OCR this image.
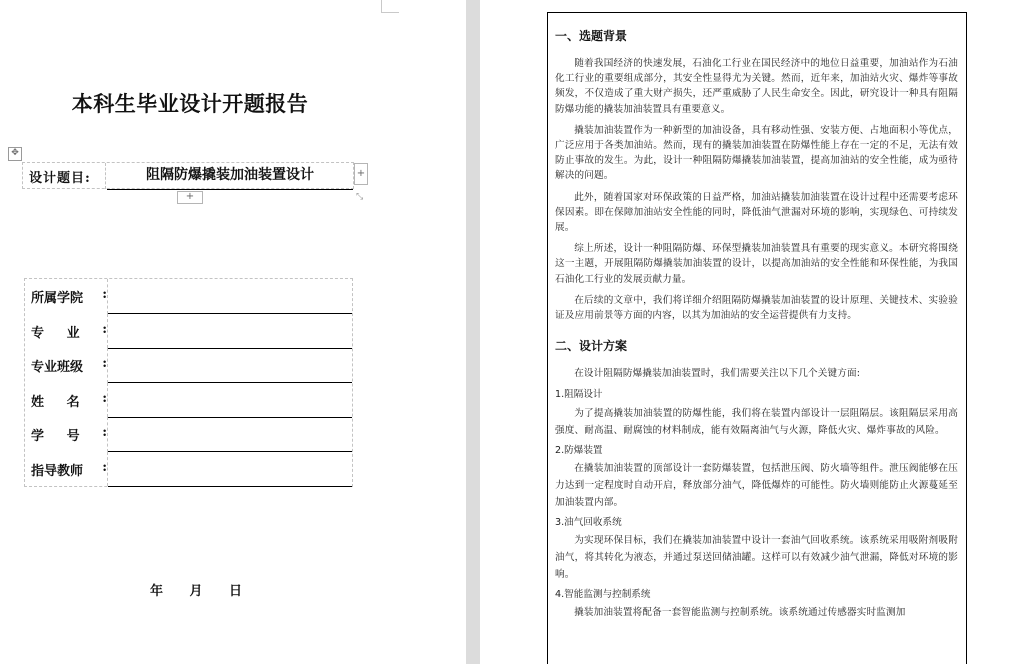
本科生毕业设计开题报告
✥
设计题目:	阻隔防爆撬装加油装置设计	+
+	⤡
所属学院 :
专 业 :
专业班级 :
姓 名 :
学 号 :
指导教师 :
年 月 日
一、选题背景

随着我国经济的快速发展，石油化工行业在国民经济中的地位日益重要，加油站作为石油化工行业的重要组成部分，其安全性显得尤为关键。然而，近年来，加油站火灾、爆炸等事故频发，不仅造成了重大财产损失，还严重威胁了人民生命安全。因此，研究设计一种具有阻隔防爆功能的撬装加油装置具有重要意义。

撬装加油装置作为一种新型的加油设备，具有移动性强、安装方便、占地面积小等优点，广泛应用于各类加油站。然而，现有的撬装加油装置在防爆性能上存在一定的不足，无法有效防止事故的发生。为此，设计一种阻隔防爆撬装加油装置，提高加油站的安全性能，成为亟待解决的问题。

此外，随着国家对环保政策的日益严格，加油站撬装加油装置在设计过程中还需要考虑环保因素。即在保障加油站安全性能的同时，降低油气泄漏对环境的影响，实现绿色、可持续发展。

综上所述，设计一种阻隔防爆、环保型撬装加油装置具有重要的现实意义。本研究将围绕这一主题，开展阻隔防爆撬装加油装置的设计，以提高加油站的安全性能和环保性能，为我国石油化工行业的发展贡献力量。

在后续的文章中，我们将详细介绍阻隔防爆撬装加油装置的设计原理、关键技术、实验验证及应用前景等方面的内容，以其为加油站的安全运营提供有力支持。

二、设计方案

在设计阻隔防爆撬装加油装置时，我们需要关注以下几个关键方面:

1.阻隔设计

为了提高撬装加油装置的防爆性能，我们将在装置内部设计一层阻隔层。该阻隔层采用高强度、耐高温、耐腐蚀的材料制成，能有效隔离油气与火源，降低火灾、爆炸事故的风险。

2.防爆装置

在撬装加油装置的顶部设计一套防爆装置，包括泄压阀、防火墙等组件。泄压阀能够在压力达到一定程度时自动开启，释放部分油气，降低爆炸的可能性。防火墙则能防止火源蔓延至加油装置内部。

3.油气回收系统

为实现环保目标，我们在撬装加油装置中设计一套油气回收系统。该系统采用吸附剂吸附油气，将其转化为液态，并通过泵送回储油罐。这样可以有效减少油气泄漏，降低对环境的影响。

4.智能监测与控制系统

撬装加油装置将配备一套智能监测与控制系统。该系统通过传感器实时监测加
